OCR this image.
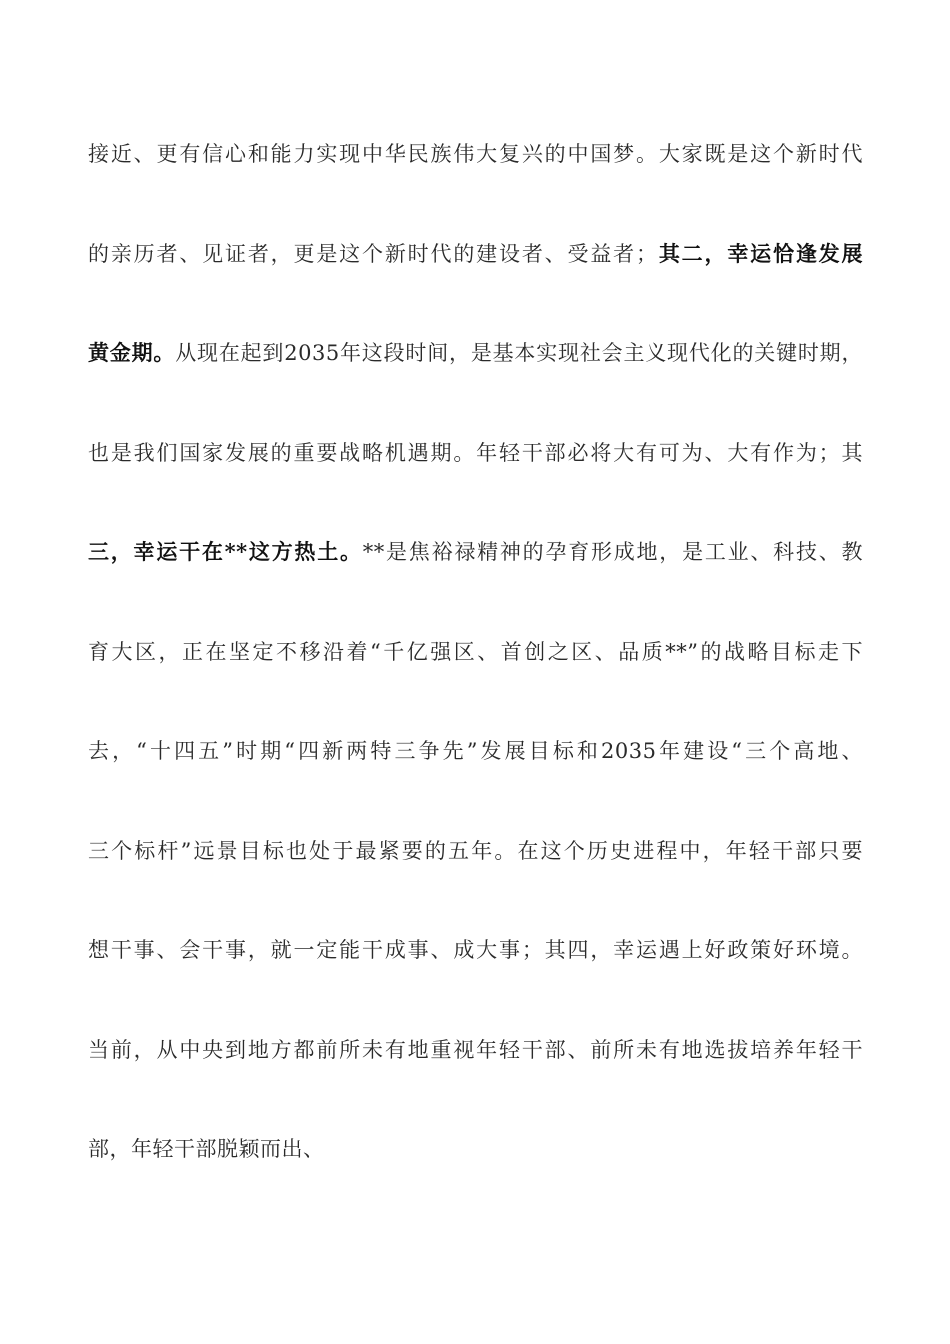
接近、更有信心和能力实现中华民族伟大复兴的中国梦。大家既是这个新时代
的亲历者、见证者，更是这个新时代的建设者、受益者；其二，幸运恰逢发展
黄金期。从现在起到2035年这段时间，是基本实现社会主义现代化的关键时期，
也是我们国家发展的重要战略机遇期。年轻干部必将大有可为、大有作为；其
三，幸运干在**这方热土。**是焦裕禄精神的孕育形成地，是工业、科技、教
育大区，正在坚定不移沿着“千亿强区、首创之区、品质**”的战略目标走下
去，“十四五”时期“四新两特三争先”发展目标和2035年建设“三个高地、
三个标杆”远景目标也处于最紧要的五年。在这个历史进程中，年轻干部只要
想干事、会干事，就一定能干成事、成大事；其四，幸运遇上好政策好环境。
当前，从中央到地方都前所未有地重视年轻干部、前所未有地选拔培养年轻干
部，年轻干部脱颖而出、
